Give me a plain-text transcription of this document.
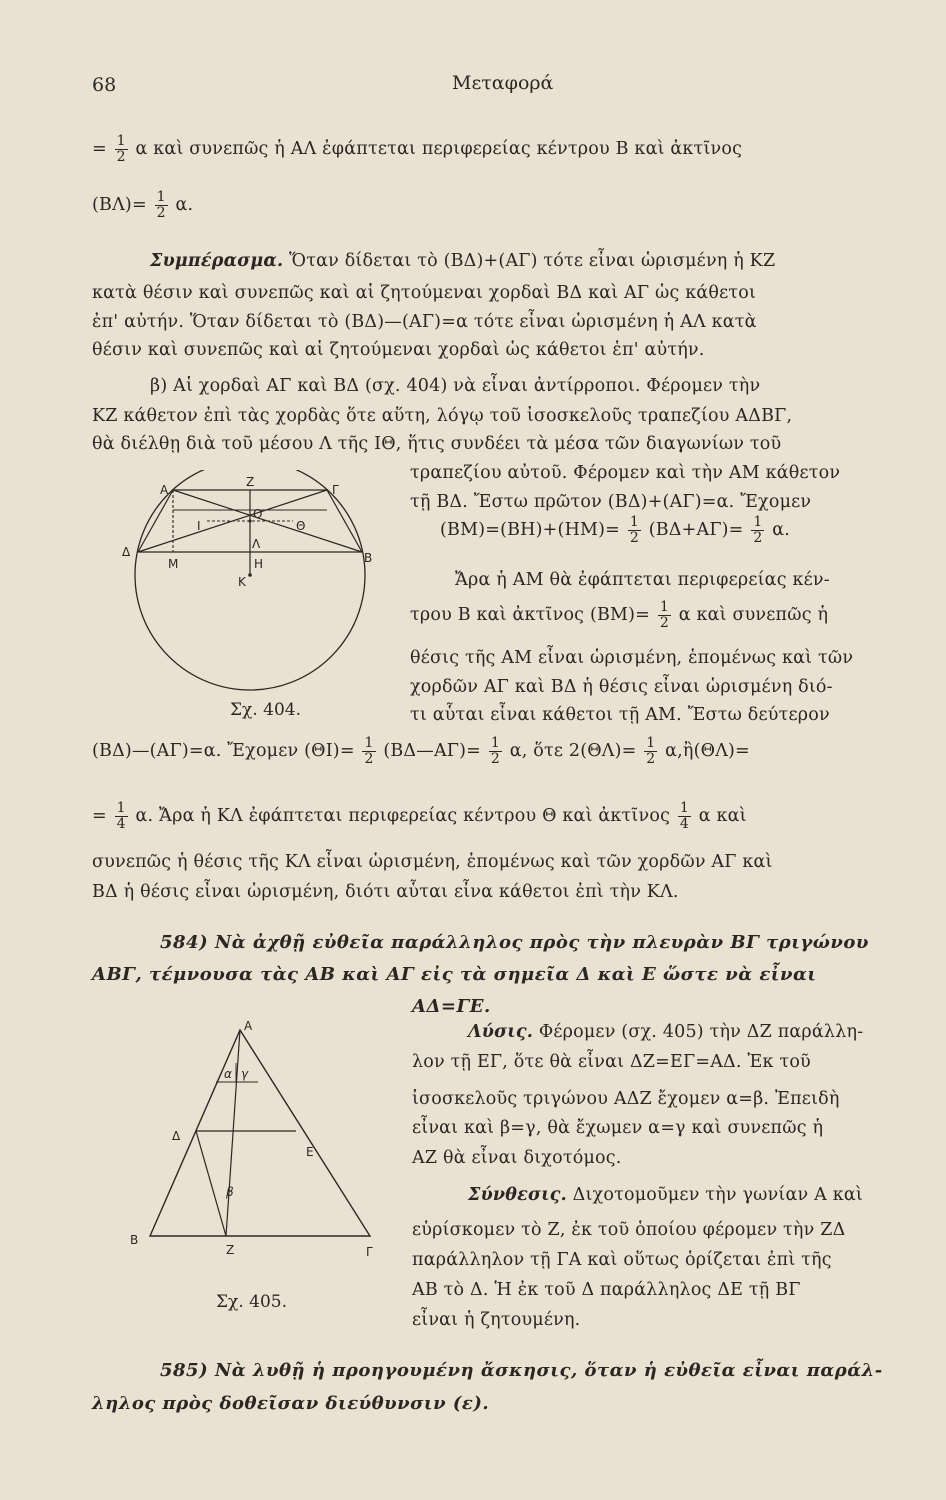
68	Μεταφορά
= $\frac{1}{2}$ α καὶ συνεπῶς ἡ ΑΛ ἐφάπτεται περιφερείας κέντρου Β καὶ ἀκτῖνος
$(B\Lambda)= \frac{1}{2} \alpha$.
Συμπέρασμα. Ὅταν δίδεται τὸ (ΒΔ)+(ΑΓ) τότε εἶναι ὡρισμένη ἡ ΚΖ
κατὰ θέσιν καὶ συνεπῶς καὶ αἱ ζητούμεναι χορδαὶ ΒΔ καὶ ΑΓ ὡς κάθετοι
ἐπ' αὐτήν. Ὅταν δίδεται τὸ (ΒΔ)—(ΑΓ)=α τότε εἶναι ὡρισμένη ἡ ΑΛ κατὰ
θέσιν καὶ συνεπῶς καὶ αἱ ζητούμεναι χορδαὶ ὡς κάθετοι ἐπ' αὐτήν.
β) Αἱ χορδαὶ ΑΓ καὶ ΒΔ (σχ. 404) νὰ εἶναι ἀντίρροποι. Φέρομεν τὴν
ΚΖ κάθετον ἐπὶ τὰς χορδὰς ὅτε αὕτη, λόγῳ τοῦ ἰσοσκελοῦς τραπεζίου ΑΔΒΓ,
θὰ διέλθῃ διὰ τοῦ μέσου Λ τῆς ΙΘ, ἥτις συνδέει τὰ μέσα τῶν διαγωνίων τοῦ
τραπεζίου αὐτοῦ. Φέρομεν καὶ τὴν ΑΜ κάθετον
τῇ ΒΔ. Ἔστω πρῶτον (ΒΔ)+(ΑΓ)=α. Ἔχομεν
$(BM)=(BH)+(HM)= \frac{1}{2} (B\Delta+A\Gamma)= \frac{1}{2} \alpha$.
Ἄρα ἡ ΑΜ θὰ ἐφάπτεται περιφερείας κέν-
τρου Β καὶ ἀκτῖνος $(BM)= \frac{1}{2}$ α καὶ συνεπῶς ἡ
θέσις τῆς ΑΜ εἶναι ὡρισμένη, ἑπομένως καὶ τῶν
χορδῶν ΑΓ καὶ ΒΔ ἡ θέσις εἶναι ὡρισμένη διό-
τι αὗται εἶναι κάθετοι τῇ ΑΜ. Ἔστω δεύτερον
Α
Ζ
Γ
Ο
Ι	Θ
Δ
Λ
Β
Μ	Η
Κ
Σχ. 404.
(ΒΔ)—(ΑΓ)=α. Ἔχομεν $(\Theta I)= \frac{1}{2}$ (ΒΔ—ΑΓ)= $\frac{1}{2} \alpha$, ὅτε $2(\Theta\Lambda)= \frac{1}{2}$ α,ἢ(ΘΛ)=
= $\frac{1}{4} \alpha$. Ἄρα ἡ ΚΛ ἐφάπτεται περιφερείας κέντρου Θ καὶ ἀκτῖνος $\frac{1}{4}$ α καὶ
συνεπῶς ἡ θέσις τῆς ΚΛ εἶναι ὡρισμένη, ἑπομένως καὶ τῶν χορδῶν ΑΓ καὶ
ΒΔ ἡ θέσις εἶναι ὡρισμένη, διότι αὗται εἶνα κάθετοι ἐπὶ τὴν ΚΛ.
584) Νὰ ἀχθῇ εὐθεῖα παράλληλος πρὸς τὴν πλευρὰν ΒΓ τριγώνου
ΑΒΓ, τέμνουσα τὰς ΑΒ καὶ ΑΓ εἰς τὰ σημεῖα Δ καὶ Ε ὥστε νὰ εἶναι
ΑΔ=ΓΕ.
Λύσις. Φέρομεν (σχ. 405) τὴν ΔΖ παράλλη-
λον τῇ ΕΓ, ὅτε θὰ εἶναι ΔΖ=ΕΓ=ΑΔ. Ἐκ τοῦ
ἰσοσκελοῦς τριγώνου ΑΔΖ ἔχομεν α=β. Ἐπειδὴ
εἶναι καὶ β=γ, θὰ ἔχωμεν α=γ καὶ συνεπῶς ἡ
ΑΖ θὰ εἶναι διχοτόμος.
Σύνθεσις. Διχοτομοῦμεν τὴν γωνίαν Α καὶ
εὑρίσκομεν τὸ Ζ, ἐκ τοῦ ὁποίου φέρομεν τὴν ΖΔ
παράλληλον τῇ ΓΑ καὶ οὕτως ὁρίζεται ἐπὶ τῆς
ΑΒ τὸ Δ. Ἡ ἐκ τοῦ Δ παράλληλος ΔΕ τῇ ΒΓ
εἶναι ἡ ζητουμένη.
Α
α γ
Δ
Ε
β
Β
Ζ	Γ
Σχ. 405.
585) Νὰ λυθῇ ἡ προηγουμένη ἄσκησις, ὅταν ἡ εὐθεῖα εἶναι παράλ-
ληλος πρὸς δοθεῖσαν διεύθυνσιν (ε).
